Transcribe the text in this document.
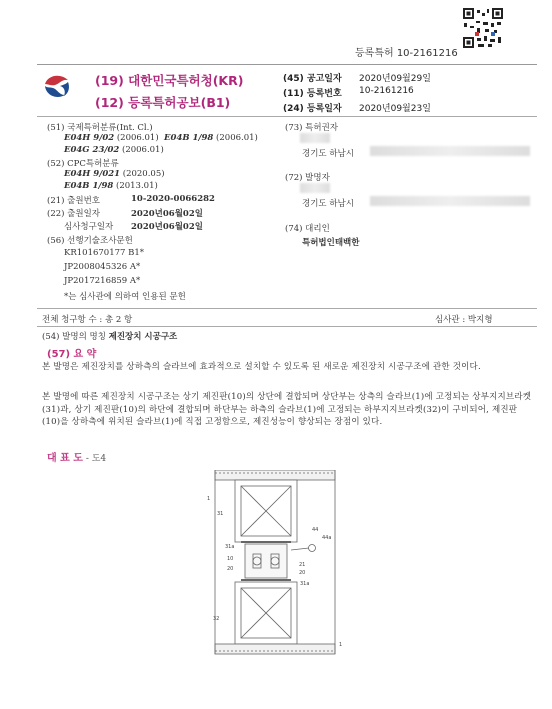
등록특허 10-2161216
(19) 대한민국특허청(KR)
(12) 등록특허공보(B1)
(45) 공고일자 2020년09월29일
(11) 등록번호 10-2161216
(24) 등록일자 2020년09월23일
(51) 국제특허분류(Int. Cl.)
E04H 9/02 (2006.01) E04B 1/98 (2006.01)
E04G 23/02 (2006.01)
(52) CPC특허분류
E04H 9/021 (2020.05)
E04B 1/98 (2013.01)
(21) 출원번호	10-2020-0066282
(22) 출원일자	2020년06월02일
심사청구일자 2020년06월02일
(56) 선행기술조사문헌
KR101670177 B1*
JP2008045326 A*
JP2017216859 A*
*는 심사관에 의하여 인용된 문헌
(73) 특허권자
경기도 하남시
(72) 발명자
경기도 하남시
(74) 대리인
특허법인태백한
전체 청구항 수 : 총 2 항	심사관 : 박지형
(54) 발명의 명칭 제진장치 시공구조
(57) 요 약
본 발명은 제진장치를 상하측의 슬라브에 효과적으로 설치할 수 있도록 된 새로운 제진장치 시공구조에 관한 것이다.
본 발명에 따른 제진장치 시공구조는 상기 제진판(10)의 상단에 결합되며 상단부는 상측의 슬라브(1)에 고정되는 상부지지브라켓(31)과, 상기 제진판(10)의 하단에 결합되며 하단부는 하측의 슬라브(1)에 고정되는 하부지지브라켓(32)이 구비되어, 제진판(10)을 상하측에 위치된 슬라브(1)에 직접 고정함으로, 제진성능이 향상되는 장점이 있다.
대 표 도 - 도4
1
31
44
44a
31a
10
20
21
20
31a
32
1
